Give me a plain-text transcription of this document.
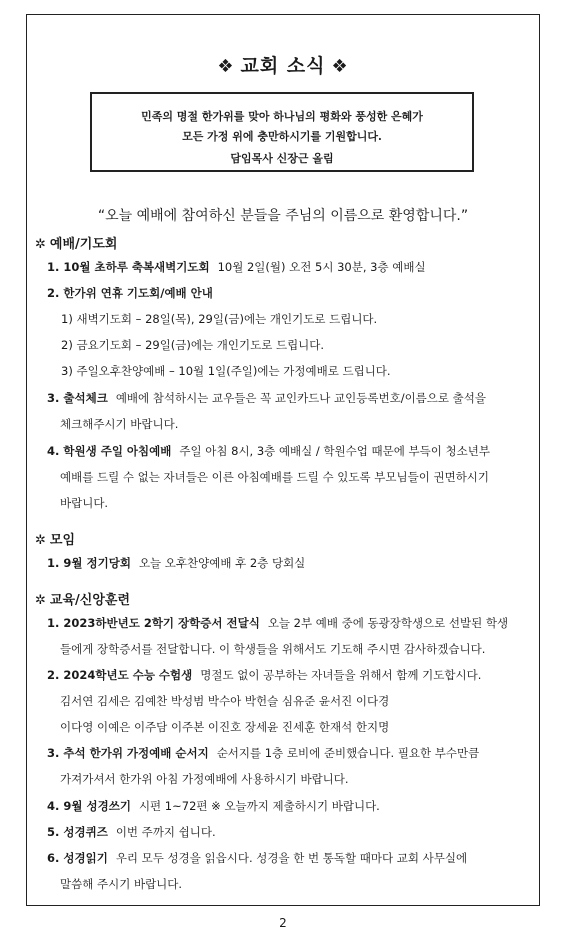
❖ 교회 소식 ❖
민족의 명절 한가위를 맞아 하나님의 평화와 풍성한 은혜가
모든 가정 위에 충만하시기를 기원합니다.
담임목사 신장근 올림
“오늘 예배에 참여하신 분들을 주님의 이름으로 환영합니다.”
✲ 예배/기도회
1. 10월 초하루 축복새벽기도회 10월 2일(월) 오전 5시 30분, 3층 예배실
2. 한가위 연휴 기도회/예배 안내
1) 새벽기도회 – 28일(목), 29일(금)에는 개인기도로 드립니다.
2) 금요기도회 – 29일(금)에는 개인기도로 드립니다.
3) 주일오후찬양예배 – 10월 1일(주일)에는 가정예배로 드립니다.
3. 출석체크 예배에 참석하시는 교우들은 꼭 교인카드나 교인등록번호/이름으로 출석을
체크해주시기 바랍니다.
4. 학원생 주일 아침예배 주일 아침 8시, 3층 예배실 / 학원수업 때문에 부득이 청소년부
예배를 드릴 수 없는 자녀들은 이른 아침예배를 드릴 수 있도록 부모님들이 권면하시기
바랍니다.
✲ 모임
1. 9월 정기당회 오늘 오후찬양예배 후 2층 당회실
✲ 교육/신앙훈련
1. 2023하반년도 2학기 장학증서 전달식 오늘 2부 예배 중에 동광장학생으로 선발된 학생
들에게 장학증서를 전달합니다. 이 학생들을 위해서도 기도해 주시면 감사하겠습니다.
2. 2024학년도 수능 수험생 명절도 없이 공부하는 자녀들을 위해서 함께 기도합시다.
김서연 김세은 김예찬 박성범 박수아 박헌슬 심유준 윤서진 이다경
이다영 이예은 이주담 이주본 이진호 장세윤 진세훈 한재석 한지명
3. 추석 한가위 가정예배 순서지 순서지를 1층 로비에 준비했습니다. 필요한 부수만큼
가져가셔서 한가위 아침 가정예배에 사용하시기 바랍니다.
4. 9월 성경쓰기 시편 1~72편 ※ 오늘까지 제출하시기 바랍니다.
5. 성경퀴즈 이번 주까지 쉽니다.
6. 성경읽기 우리 모두 성경을 읽읍시다. 성경을 한 번 통독할 때마다 교회 사무실에
말씀해 주시기 바랍니다.
2
